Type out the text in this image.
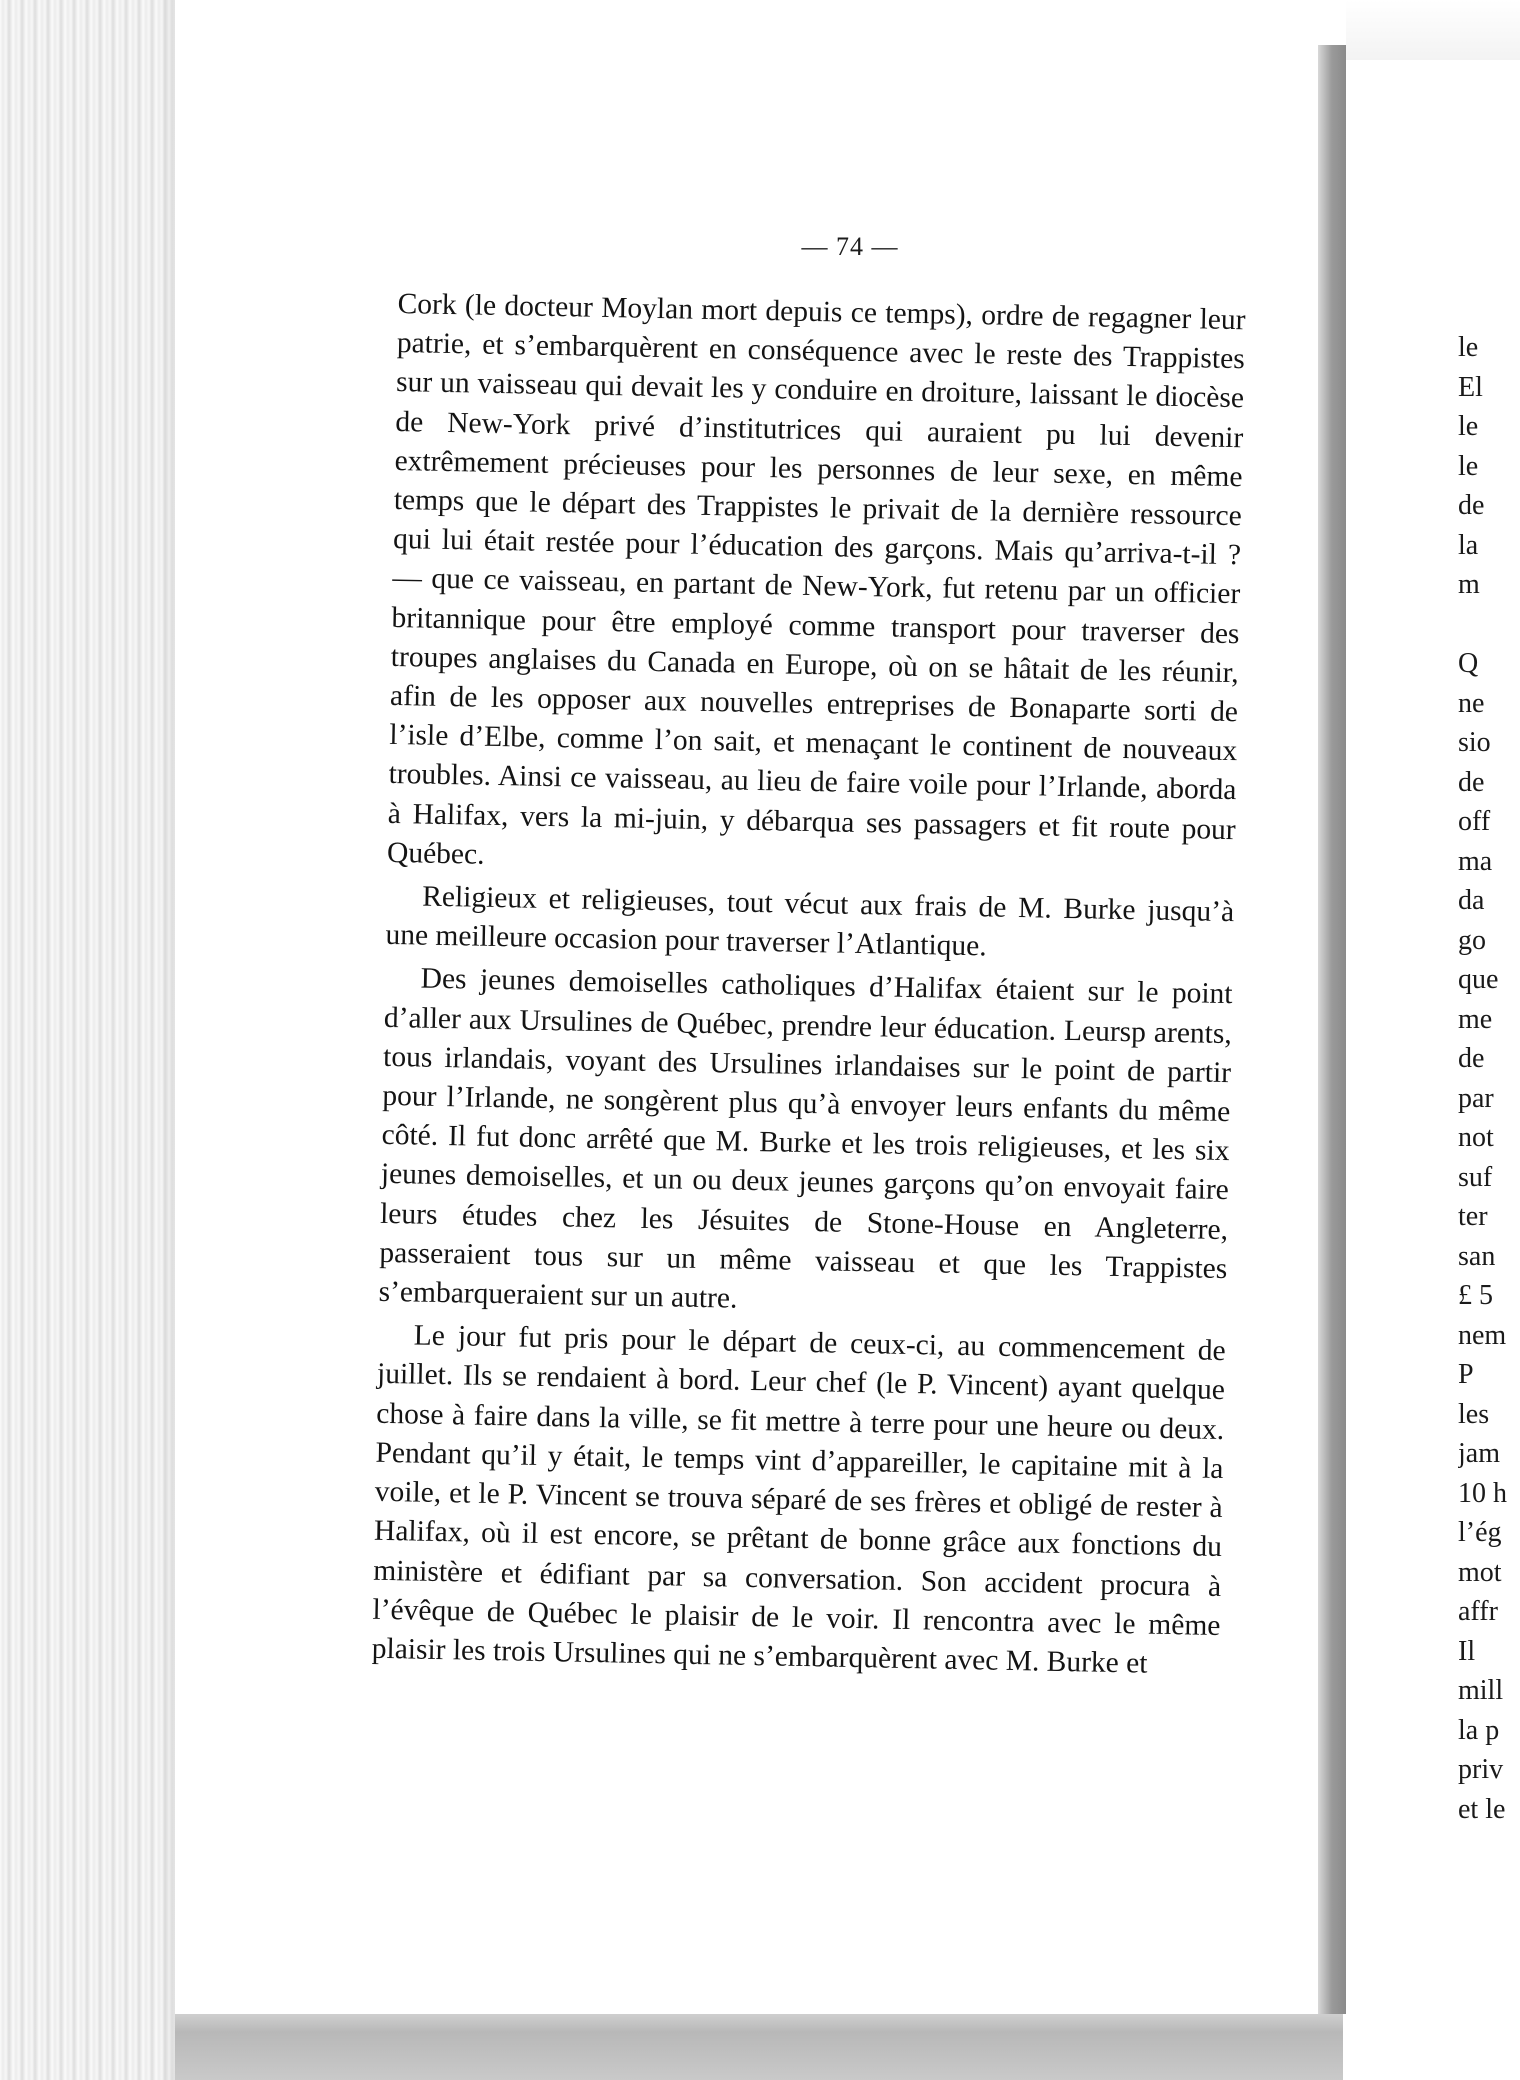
— 74 —

Cork (le docteur Moylan mort depuis ce temps), ordre de regagner leur patrie, et s’embarquèrent en conséquence avec le reste des Trappistes sur un vaisseau qui devait les y conduire en droiture, laissant le diocèse de New-York privé d’institutrices qui auraient pu lui devenir extrêmement précieuses pour les personnes de leur sexe, en même temps que le départ des Trappistes le privait de la dernière ressource qui lui était restée pour l’éducation des garçons. Mais qu’arriva-t-il ? — que ce vaisseau, en partant de New-York, fut retenu par un officier britannique pour être employé comme transport pour traverser des troupes anglaises du Canada en Europe, où on se hâtait de les réunir, afin de les opposer aux nouvelles entreprises de Bonaparte sorti de l’isle d’Elbe, comme l’on sait, et menaçant le continent de nouveaux troubles. Ainsi ce vaisseau, au lieu de faire voile pour l’Irlande, aborda à Halifax, vers la mi-juin, y débarqua ses passagers et fit route pour Québec.

Religieux et religieuses, tout vécut aux frais de M. Burke jusqu’à une meilleure occasion pour traverser l’Atlantique.

Des jeunes demoiselles catholiques d’Halifax étaient sur le point d’aller aux Ursulines de Québec, prendre leur éducation. Leursp arents, tous irlandais, voyant des Ursulines irlandaises sur le point de partir pour l’Irlande, ne songèrent plus qu’à envoyer leurs enfants du même côté. Il fut donc arrêté que M. Burke et les trois religieuses, et les six jeunes demoiselles, et un ou deux jeunes garçons qu’on envoyait faire leurs études chez les Jésuites de Stone-House en Angleterre, passeraient tous sur un même vaisseau et que les Trappistes s’embarqueraient sur un autre.

Le jour fut pris pour le départ de ceux-ci, au commencement de juillet. Ils se rendaient à bord. Leur chef (le P. Vincent) ayant quelque chose à faire dans la ville, se fit mettre à terre pour une heure ou deux. Pendant qu’il y était, le temps vint d’appareiller, le capitaine mit à la voile, et le P. Vincent se trouva séparé de ses frères et obligé de rester à Halifax, où il est encore, se prêtant de bonne grâce aux fonctions du ministère et édifiant par sa conversation. Son accident procura à l’évêque de Québec le plaisir de le voir. Il rencontra avec le même plaisir les trois Ursulines qui ne s’embarquèrent avec M. Burke et

le
El
le
le
de
la
m
Q
ne
sio
de
off
ma
da
go
que
me
de
par
not
suf
ter
san
£ 5
nem
P
les
jam
10 h
l’ég
mot
affr
Il
mill
la p
priv
et le
